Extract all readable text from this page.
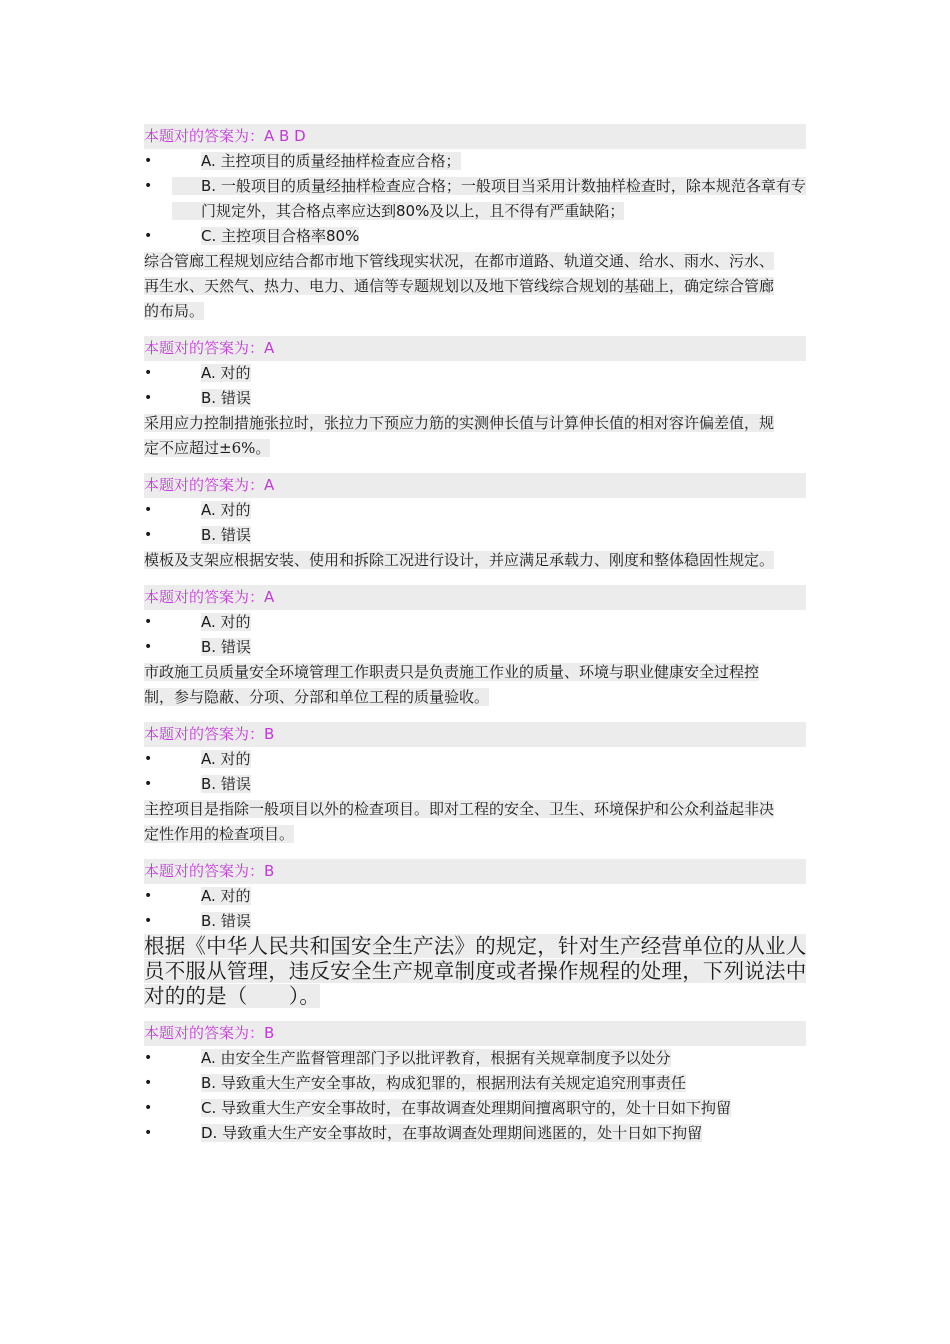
本题对的答案为：A B D
•	A. 主控项目的质量经抽样检查应合格；
•	B. 一般项目的质量经抽样检查应合格；一般项目当采用计数抽样检查时，除本规范各章有专门规定外，其合格点率应达到80%及以上，且不得有严重缺陷；
•	C. 主控项目合格率80%

综合管廊工程规划应结合都市地下管线现实状况，在都市道路、轨道交通、给水、雨水、污水、再生水、天然气、热力、电力、通信等专题规划以及地下管线综合规划的基础上，确定综合管廊的布局。

本题对的答案为：A
•	A. 对的
•	B. 错误

采用应力控制措施张拉时，张拉力下预应力筋的实测伸长值与计算伸长值的相对容许偏差值，规定不应超过±6%。

本题对的答案为：A
•	A. 对的
•	B. 错误

模板及支架应根据安装、使用和拆除工况进行设计，并应满足承载力、刚度和整体稳固性规定。

本题对的答案为：A
•	A. 对的
•	B. 错误

市政施工员质量安全环境管理工作职责只是负责施工作业的质量、环境与职业健康安全过程控制，参与隐蔽、分项、分部和单位工程的质量验收。

本题对的答案为：B
•	A. 对的
•	B. 错误

主控项目是指除一般项目以外的检查项目。即对工程的安全、卫生、环境保护和公众利益起非决定性作用的检查项目。

本题对的答案为：B
•	A. 对的
•	B. 错误

根据《中华人民共和国安全生产法》的规定，针对生产经营单位的从业人员不服从管理，违反安全生产规章制度或者操作规程的处理，下列说法中对的的是（　　）。

本题对的答案为：B
•	A. 由安全生产监督管理部门予以批评教育，根据有关规章制度予以处分
•	B. 导致重大生产安全事故，构成犯罪的，根据刑法有关规定追究刑事责任
•	C. 导致重大生产安全事故时，在事故调查处理期间擅离职守的，处十日如下拘留
•	D. 导致重大生产安全事故时，在事故调查处理期间逃匿的，处十日如下拘留
